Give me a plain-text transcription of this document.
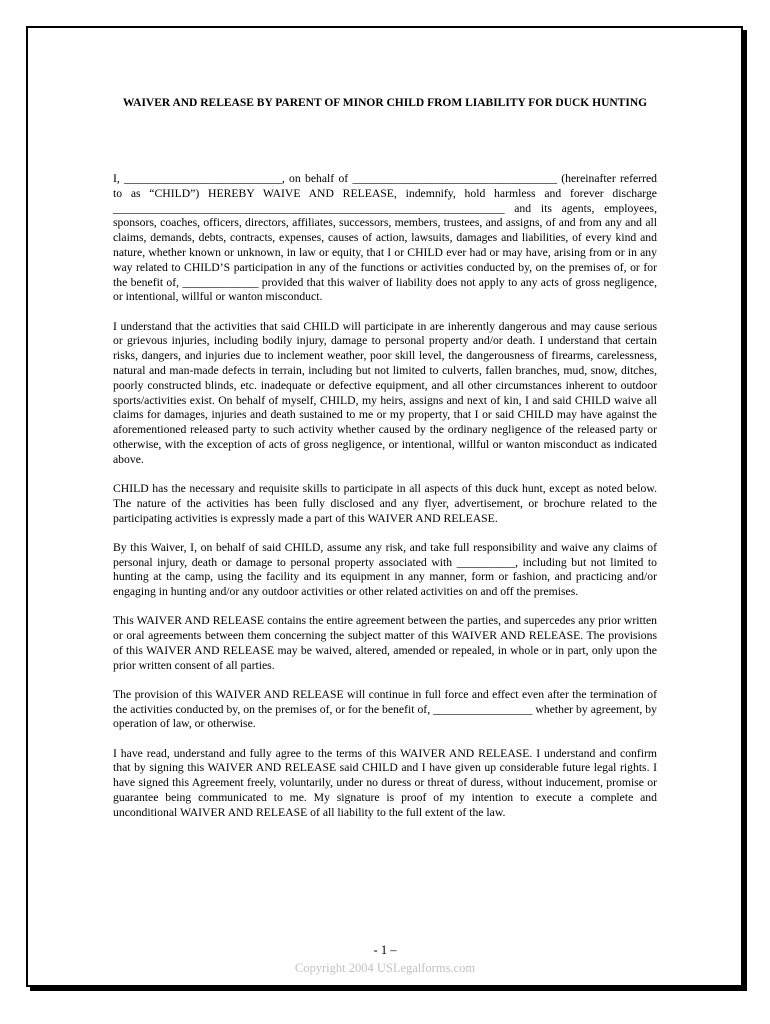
WAIVER AND RELEASE BY PARENT OF MINOR CHILD FROM LIABILITY FOR DUCK HUNTING

I, ___________________________, on behalf of ___________________________________ (hereinafter referred to as “CHILD”) HEREBY WAIVE AND RELEASE, indemnify, hold harmless and forever discharge ___________________________________________________________________ and its agents, employees, sponsors, coaches, officers, directors, affiliates, successors, members, trustees, and assigns, of and from any and all claims, demands, debts, contracts, expenses, causes of action, lawsuits, damages and liabilities, of every kind and nature, whether known or unknown, in law or equity, that I or CHILD ever had or may have, arising from or in any way related to CHILD’S participation in any of the functions or activities conducted by, on the premises of, or for the benefit of, _____________ provided that this waiver of liability does not apply to any acts of gross negligence, or intentional, willful or wanton misconduct.

I understand that the activities that said CHILD will participate in are inherently dangerous and may cause serious or grievous injuries, including bodily injury, damage to personal property and/or death. I understand that certain risks, dangers, and injuries due to inclement weather, poor skill level, the dangerousness of firearms, carelessness, natural and man-made defects in terrain, including but not limited to culverts, fallen branches, mud, snow, ditches, poorly constructed blinds, etc. inadequate or defective equipment, and all other circumstances inherent to outdoor sports/activities exist. On behalf of myself, CHILD, my heirs, assigns and next of kin, I and said CHILD waive all claims for damages, injuries and death sustained to me or my property, that I or said CHILD may have against the aforementioned released party to such activity whether caused by the ordinary negligence of the released party or otherwise, with the exception of acts of gross negligence, or intentional, willful or wanton misconduct as indicated above.

CHILD has the necessary and requisite skills to participate in all aspects of this duck hunt, except as noted below. The nature of the activities has been fully disclosed and any flyer, advertisement, or brochure related to the participating activities is expressly made a part of this WAIVER AND RELEASE.

By this Waiver, I, on behalf of said CHILD, assume any risk, and take full responsibility and waive any claims of personal injury, death or damage to personal property associated with __________, including but not limited to hunting at the camp, using the facility and its equipment in any manner, form or fashion, and practicing and/or engaging in hunting and/or any outdoor activities or other related activities on and off the premises.

This WAIVER AND RELEASE contains the entire agreement between the parties, and supercedes any prior written or oral agreements between them concerning the subject matter of this WAIVER AND RELEASE. The provisions of this WAIVER AND RELEASE may be waived, altered, amended or repealed, in whole or in part, only upon the prior written consent of all parties.

The provision of this WAIVER AND RELEASE will continue in full force and effect even after the termination of the activities conducted by, on the premises of, or for the benefit of, _________________ whether by agreement, by operation of law, or otherwise.

I have read, understand and fully agree to the terms of this WAIVER AND RELEASE. I understand and confirm that by signing this WAIVER AND RELEASE said CHILD and I have given up considerable future legal rights. I have signed this Agreement freely, voluntarily, under no duress or threat of duress, without inducement, promise or guarantee being communicated to me. My signature is proof of my intention to execute a complete and unconditional WAIVER AND RELEASE of all liability to the full extent of the law.

- 1 –
Copyright 2004 USLegalforms.com
